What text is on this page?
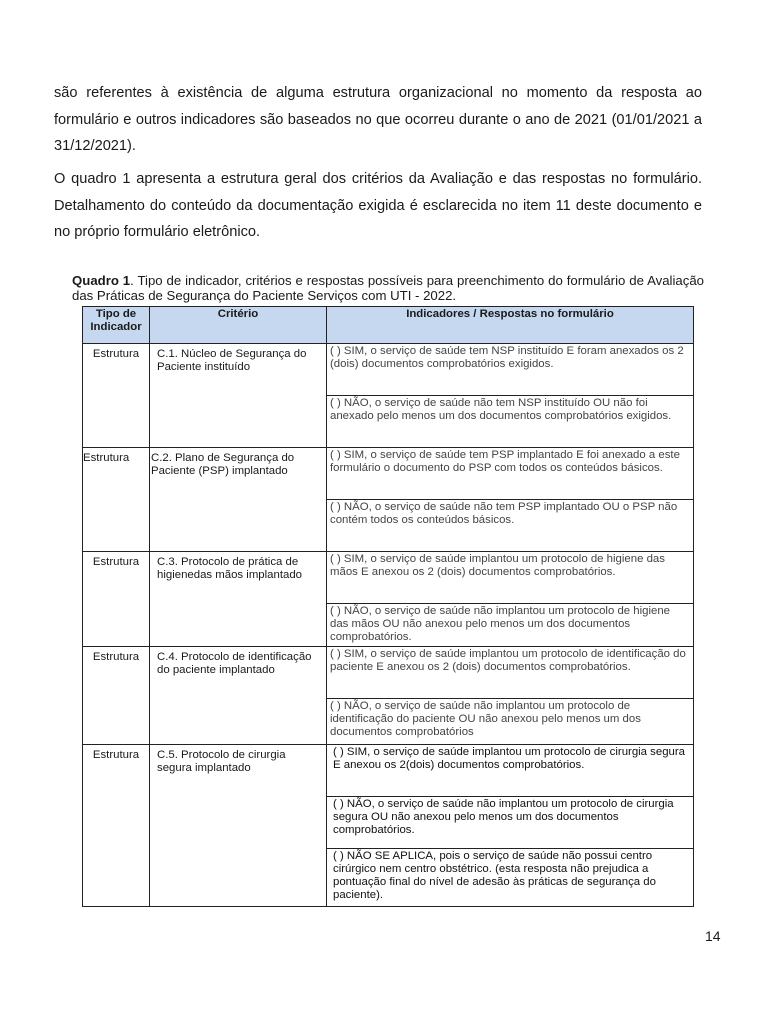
são referentes à existência de alguma estrutura organizacional no momento da resposta ao formulário e outros indicadores são baseados no que ocorreu durante o ano de 2021 (01/01/2021 a 31/12/2021).

O quadro 1 apresenta a estrutura geral dos critérios da Avaliação e das respostas no formulário. Detalhamento do conteúdo da documentação exigida é esclarecida no item 11 deste documento e no próprio formulário eletrônico.

Quadro 1. Tipo de indicador, critérios e respostas possíveis para preenchimento do formulário de Avaliação das Práticas de Segurança do Paciente Serviços com UTI - 2022.

Tipo de Indicador	Critério	Indicadores / Respostas no formulário
Estrutura	C.1. Núcleo de Segurança do Paciente instituído	( ) SIM, o serviço de saúde tem NSP instituído E foram anexados os 2 (dois) documentos comprobatórios exigidos.
		( ) NÃO, o serviço de saúde não tem NSP instituído OU não foi anexado pelo menos um dos documentos comprobatórios exigidos.
Estrutura	C.2. Plano de Segurança do Paciente (PSP) implantado	( ) SIM, o serviço de saúde tem PSP implantado E foi anexado a este formulário o documento do PSP com todos os conteúdos básicos.
		( ) NÃO, o serviço de saúde não tem PSP implantado OU o PSP não contém todos os conteúdos básicos.
Estrutura	C.3. Protocolo de prática de higienedas mãos implantado	( ) SIM, o serviço de saúde implantou um protocolo de higiene das mãos E anexou os 2 (dois) documentos comprobatórios.
		( ) NÃO, o serviço de saúde não implantou um protocolo de higiene das mãos OU não anexou pelo menos um dos documentos comprobatórios.
Estrutura	C.4. Protocolo de identificação do paciente implantado	( ) SIM, o serviço de saúde implantou um protocolo de identificação do paciente E anexou os 2 (dois) documentos comprobatórios.
		( ) NÃO, o serviço de saúde não implantou um protocolo de identificação do paciente OU não anexou pelo menos um dos documentos comprobatórios
Estrutura	C.5. Protocolo de cirurgia segura implantado	( ) SIM, o serviço de saúde implantou um protocolo de cirurgia segura E anexou os 2(dois) documentos comprobatórios.
		( ) NÃO, o serviço de saúde não implantou um protocolo de cirurgia segura OU não anexou pelo menos um dos documentos comprobatórios.
		( ) NÃO SE APLICA, pois o serviço de saúde não possui centro cirúrgico nem centro obstétrico. (esta resposta não prejudica a pontuação final do nível de adesão às práticas de segurança do paciente).
14
